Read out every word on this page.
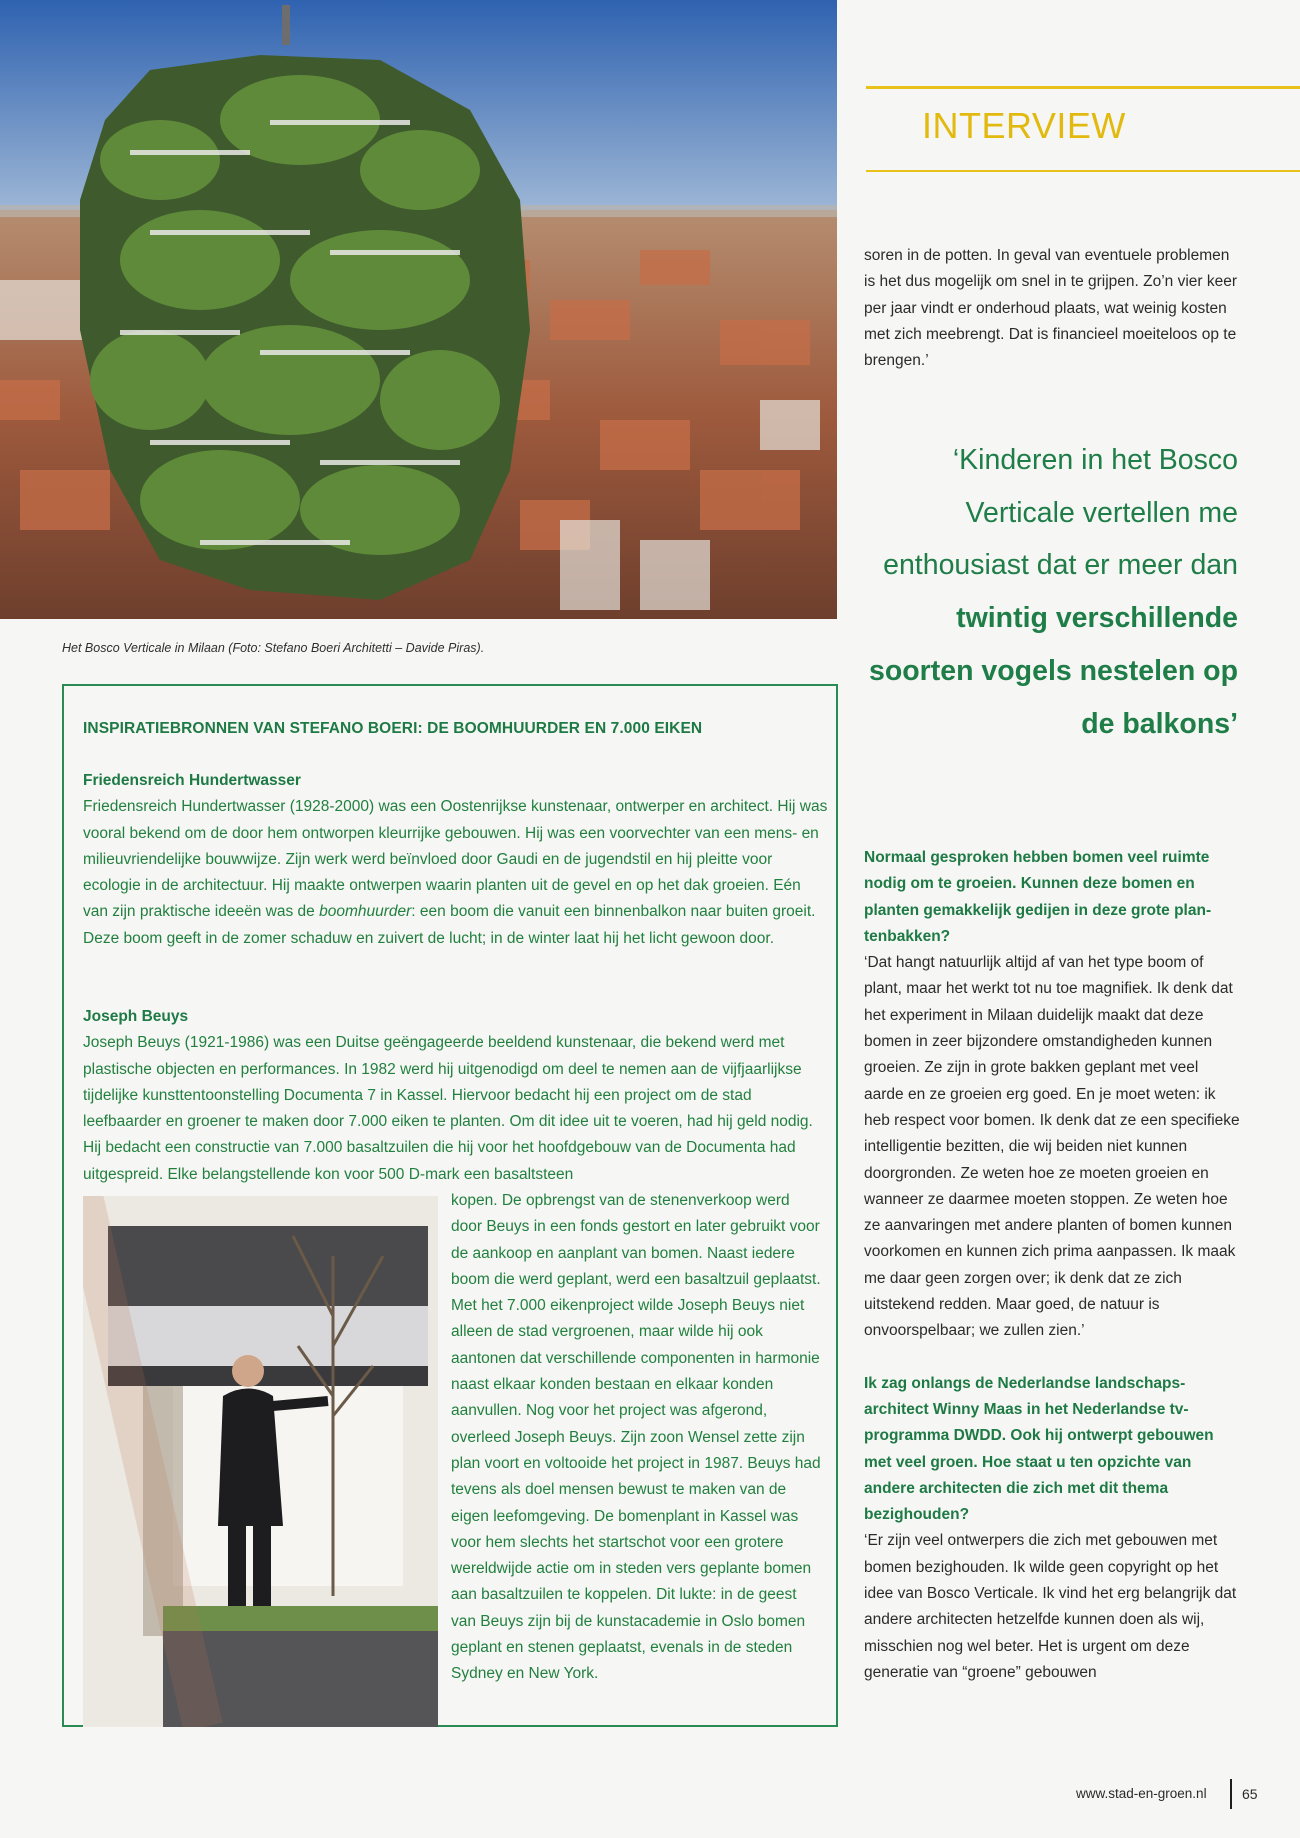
Het Bosco Verticale in Milaan (Foto: Stefano Boeri Architetti – Davide Piras).
INSPIRATIEBRONNEN VAN STEFANO BOERI: DE BOOMHUURDER EN 7.000 EIKEN
Friedensreich Hundertwasser
Friedensreich Hundertwasser (1928-2000) was een Oostenrijkse kunstenaar, ontwerper en architect. Hij was vooral bekend om de door hem ontworpen kleurrijke gebouwen. Hij was een voorvechter van een mens- en milieuvriendelijke bouwwijze. Zijn werk werd beïnvloed door Gaudi en de jugendstil en hij pleitte voor ecologie in de architectuur. Hij maakte ontwerpen waarin planten uit de gevel en op het dak groeien. Eén van zijn praktische ideeën was de boomhuurder: een boom die vanuit een binnenbalkon naar buiten groeit. Deze boom geeft in de zomer schaduw en zuivert de lucht; in de winter laat hij het licht gewoon door.
Joseph Beuys
Joseph Beuys (1921-1986) was een Duitse geëngageerde beeldend kunstenaar, die bekend werd met plastische objecten en performances. In 1982 werd hij uitgenodigd om deel te nemen aan de vijfjaarlijkse tijdelijke kunsttentoonstelling Documenta 7 in Kassel. Hiervoor bedacht hij een project om de stad leefbaarder en groener te maken door 7.000 eiken te planten. Om dit idee uit te voeren, had hij geld nodig. Hij bedacht een constructie van 7.000 basaltzuilen die hij voor het hoofdgebouw van de Documenta had uitgespreid. Elke belangstellende kon voor 500 D-mark een basaltsteen
kopen. De opbrengst van de stenenverkoop werd door Beuys in een fonds gestort en later gebruikt voor de aankoop en aanplant van bomen. Naast iedere boom die werd geplant, werd een basaltzuil geplaatst. Met het 7.000 eikenproject wilde Joseph Beuys niet alleen de stad vergroenen, maar wilde hij ook aantonen dat verschillende componenten in harmonie naast elkaar konden bestaan en elkaar konden aanvullen. Nog voor het project was afgerond, overleed Joseph Beuys. Zijn zoon Wensel zette zijn plan voort en voltooide het project in 1987. Beuys had tevens als doel mensen bewust te maken van de eigen leefomgeving. De bomenplant in Kassel was voor hem slechts het startschot voor een grotere wereldwijde actie om in steden vers geplante bomen aan basaltzuilen te koppelen. Dit lukte: in de geest van Beuys zijn bij de kunstacademie in Oslo bomen geplant en stenen geplaatst, evenals in de steden Sydney en New York.
INTERVIEW
soren in de potten. In geval van eventuele problemen is het dus mogelijk om snel in te grijpen. Zo’n vier keer per jaar vindt er onderhoud plaats, wat weinig kosten met zich meebrengt. Dat is financieel moeiteloos op te brengen.’
‘Kinderen in het Bosco Verticale vertellen me enthousiast dat er meer dan twintig verschillende soorten vogels nestelen op de balkons’

Normaal gesproken hebben bomen veel ruimte nodig om te groeien. Kunnen deze bomen en planten gemakkelijk gedijen in deze grote plantenbakken?
‘Dat hangt natuurlijk altijd af van het type boom of plant, maar het werkt tot nu toe magnifiek. Ik denk dat het experiment in Milaan duidelijk maakt dat deze bomen in zeer bijzondere omstandigheden kunnen groeien. Ze zijn in grote bakken geplant met veel aarde en ze groeien erg goed. En je moet weten: ik heb respect voor bomen. Ik denk dat ze een specifieke intelligentie bezitten, die wij beiden niet kunnen doorgronden. Ze weten hoe ze moeten groeien en wanneer ze daarmee moeten stoppen. Ze weten hoe ze aanvaringen met andere planten of bomen kunnen voorkomen en kunnen zich prima aanpassen. Ik maak me daar geen zorgen over; ik denk dat ze zich uitstekend redden. Maar goed, de natuur is onvoorspelbaar; we zullen zien.’

Ik zag onlangs de Nederlandse landschapsarchitect Winny Maas in het Nederlandse tv-programma DWDD. Ook hij ontwerpt gebouwen met veel groen. Hoe staat u ten opzichte van andere architecten die zich met dit thema bezighouden?
‘Er zijn veel ontwerpers die zich met gebouwen met bomen bezighouden. Ik wilde geen copyright op het idee van Bosco Verticale. Ik vind het erg belangrijk dat andere architecten hetzelfde kunnen doen als wij, misschien nog wel beter. Het is urgent om deze generatie van “groene” gebouwen

www.stad-en-groen.nl	65
